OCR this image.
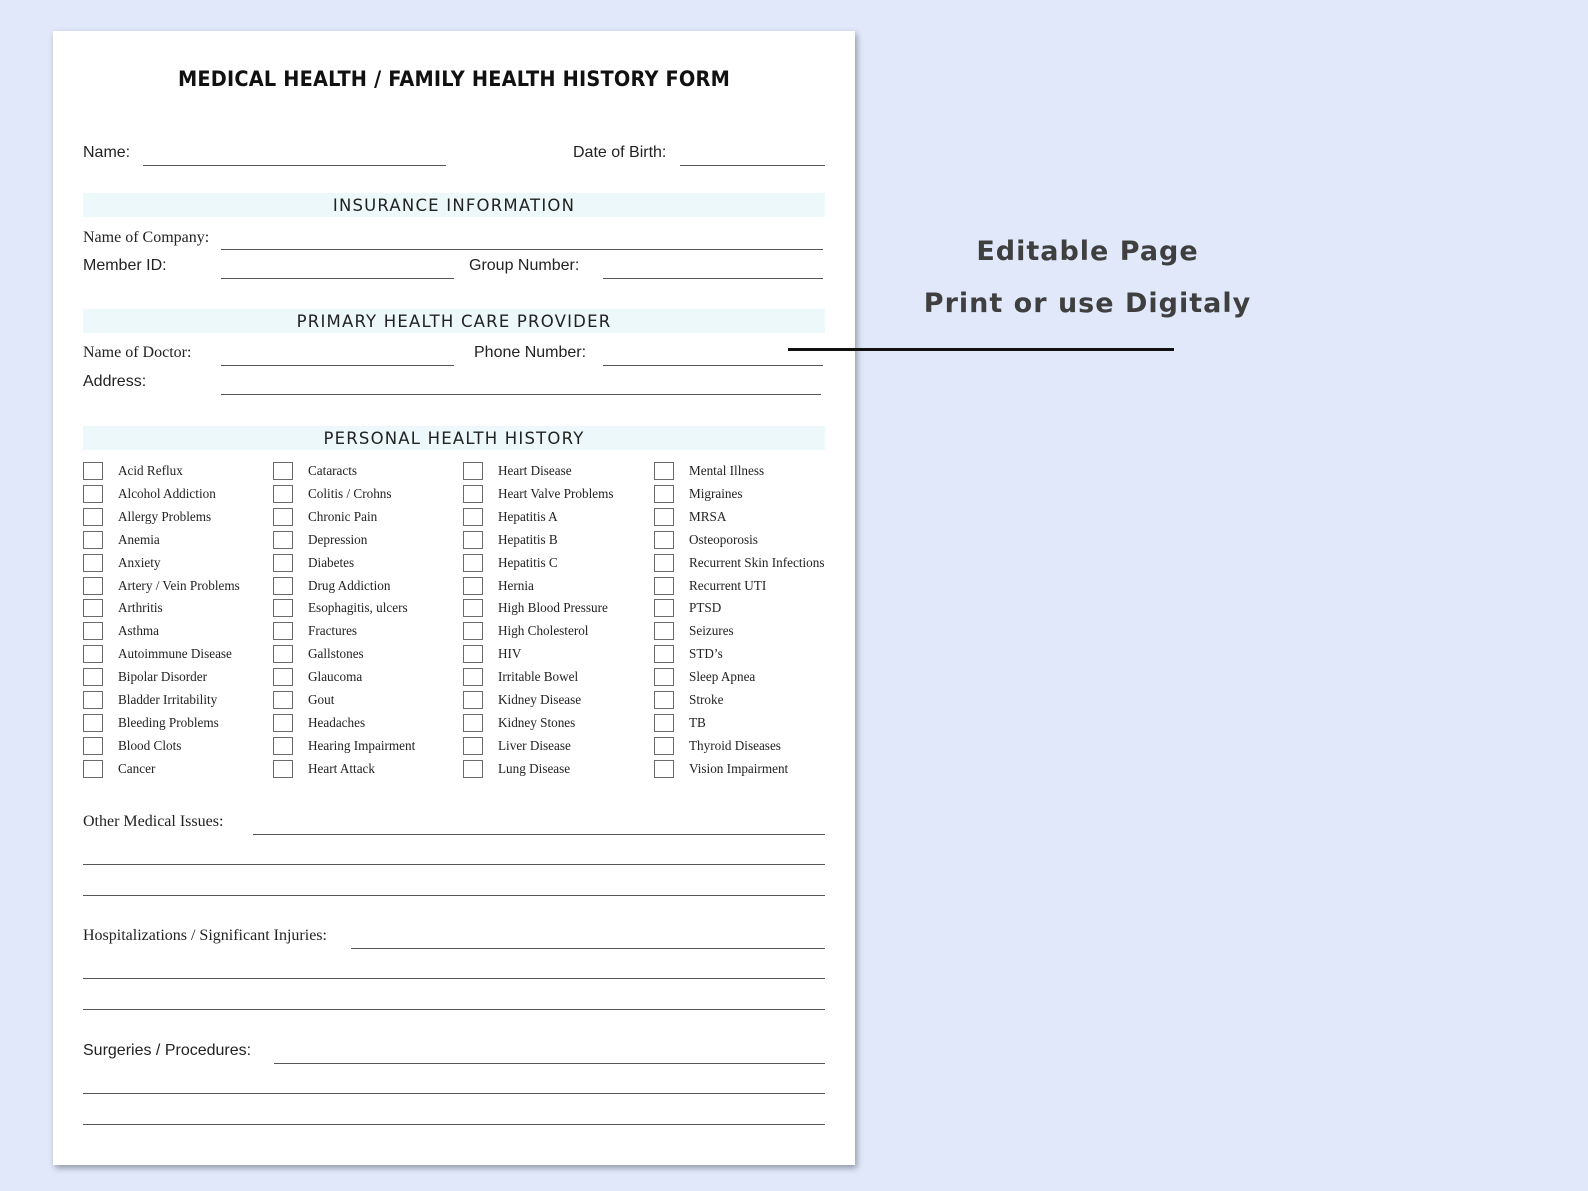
MEDICAL HEALTH / FAMILY HEALTH HISTORY FORM
Name:	Date of Birth:
INSURANCE INFORMATION
Name of Company:
Member ID:	Group Number:
PRIMARY HEALTH CARE PROVIDER
Name of Doctor:	Phone Number:
Address:
PERSONAL HEALTH HISTORY
Acid Reflux
Alcohol Addiction
Allergy Problems
Anemia
Anxiety
Artery / Vein Problems
Arthritis
Asthma
Autoimmune Disease
Bipolar Disorder
Bladder Irritability
Bleeding Problems
Blood Clots
Cancer
Cataracts
Colitis / Crohns
Chronic Pain
Depression
Diabetes
Drug Addiction
Esophagitis, ulcers
Fractures
Gallstones
Glaucoma
Gout
Headaches
Hearing Impairment
Heart Attack
Heart Disease
Heart Valve Problems
Hepatitis A
Hepatitis B
Hepatitis C
Hernia
High Blood Pressure
High Cholesterol
HIV
Irritable Bowel
Kidney Disease
Kidney Stones
Liver Disease
Lung Disease
Mental Illness
Migraines
MRSA
Osteoporosis
Recurrent Skin Infections
Recurrent UTI
PTSD
Seizures
STD’s
Sleep Apnea
Stroke
TB
Thyroid Diseases
Vision Impairment
Other Medical Issues:
Hospitalizations / Significant Injuries:
Surgeries / Procedures:
Editable Page
Print or use Digitaly
